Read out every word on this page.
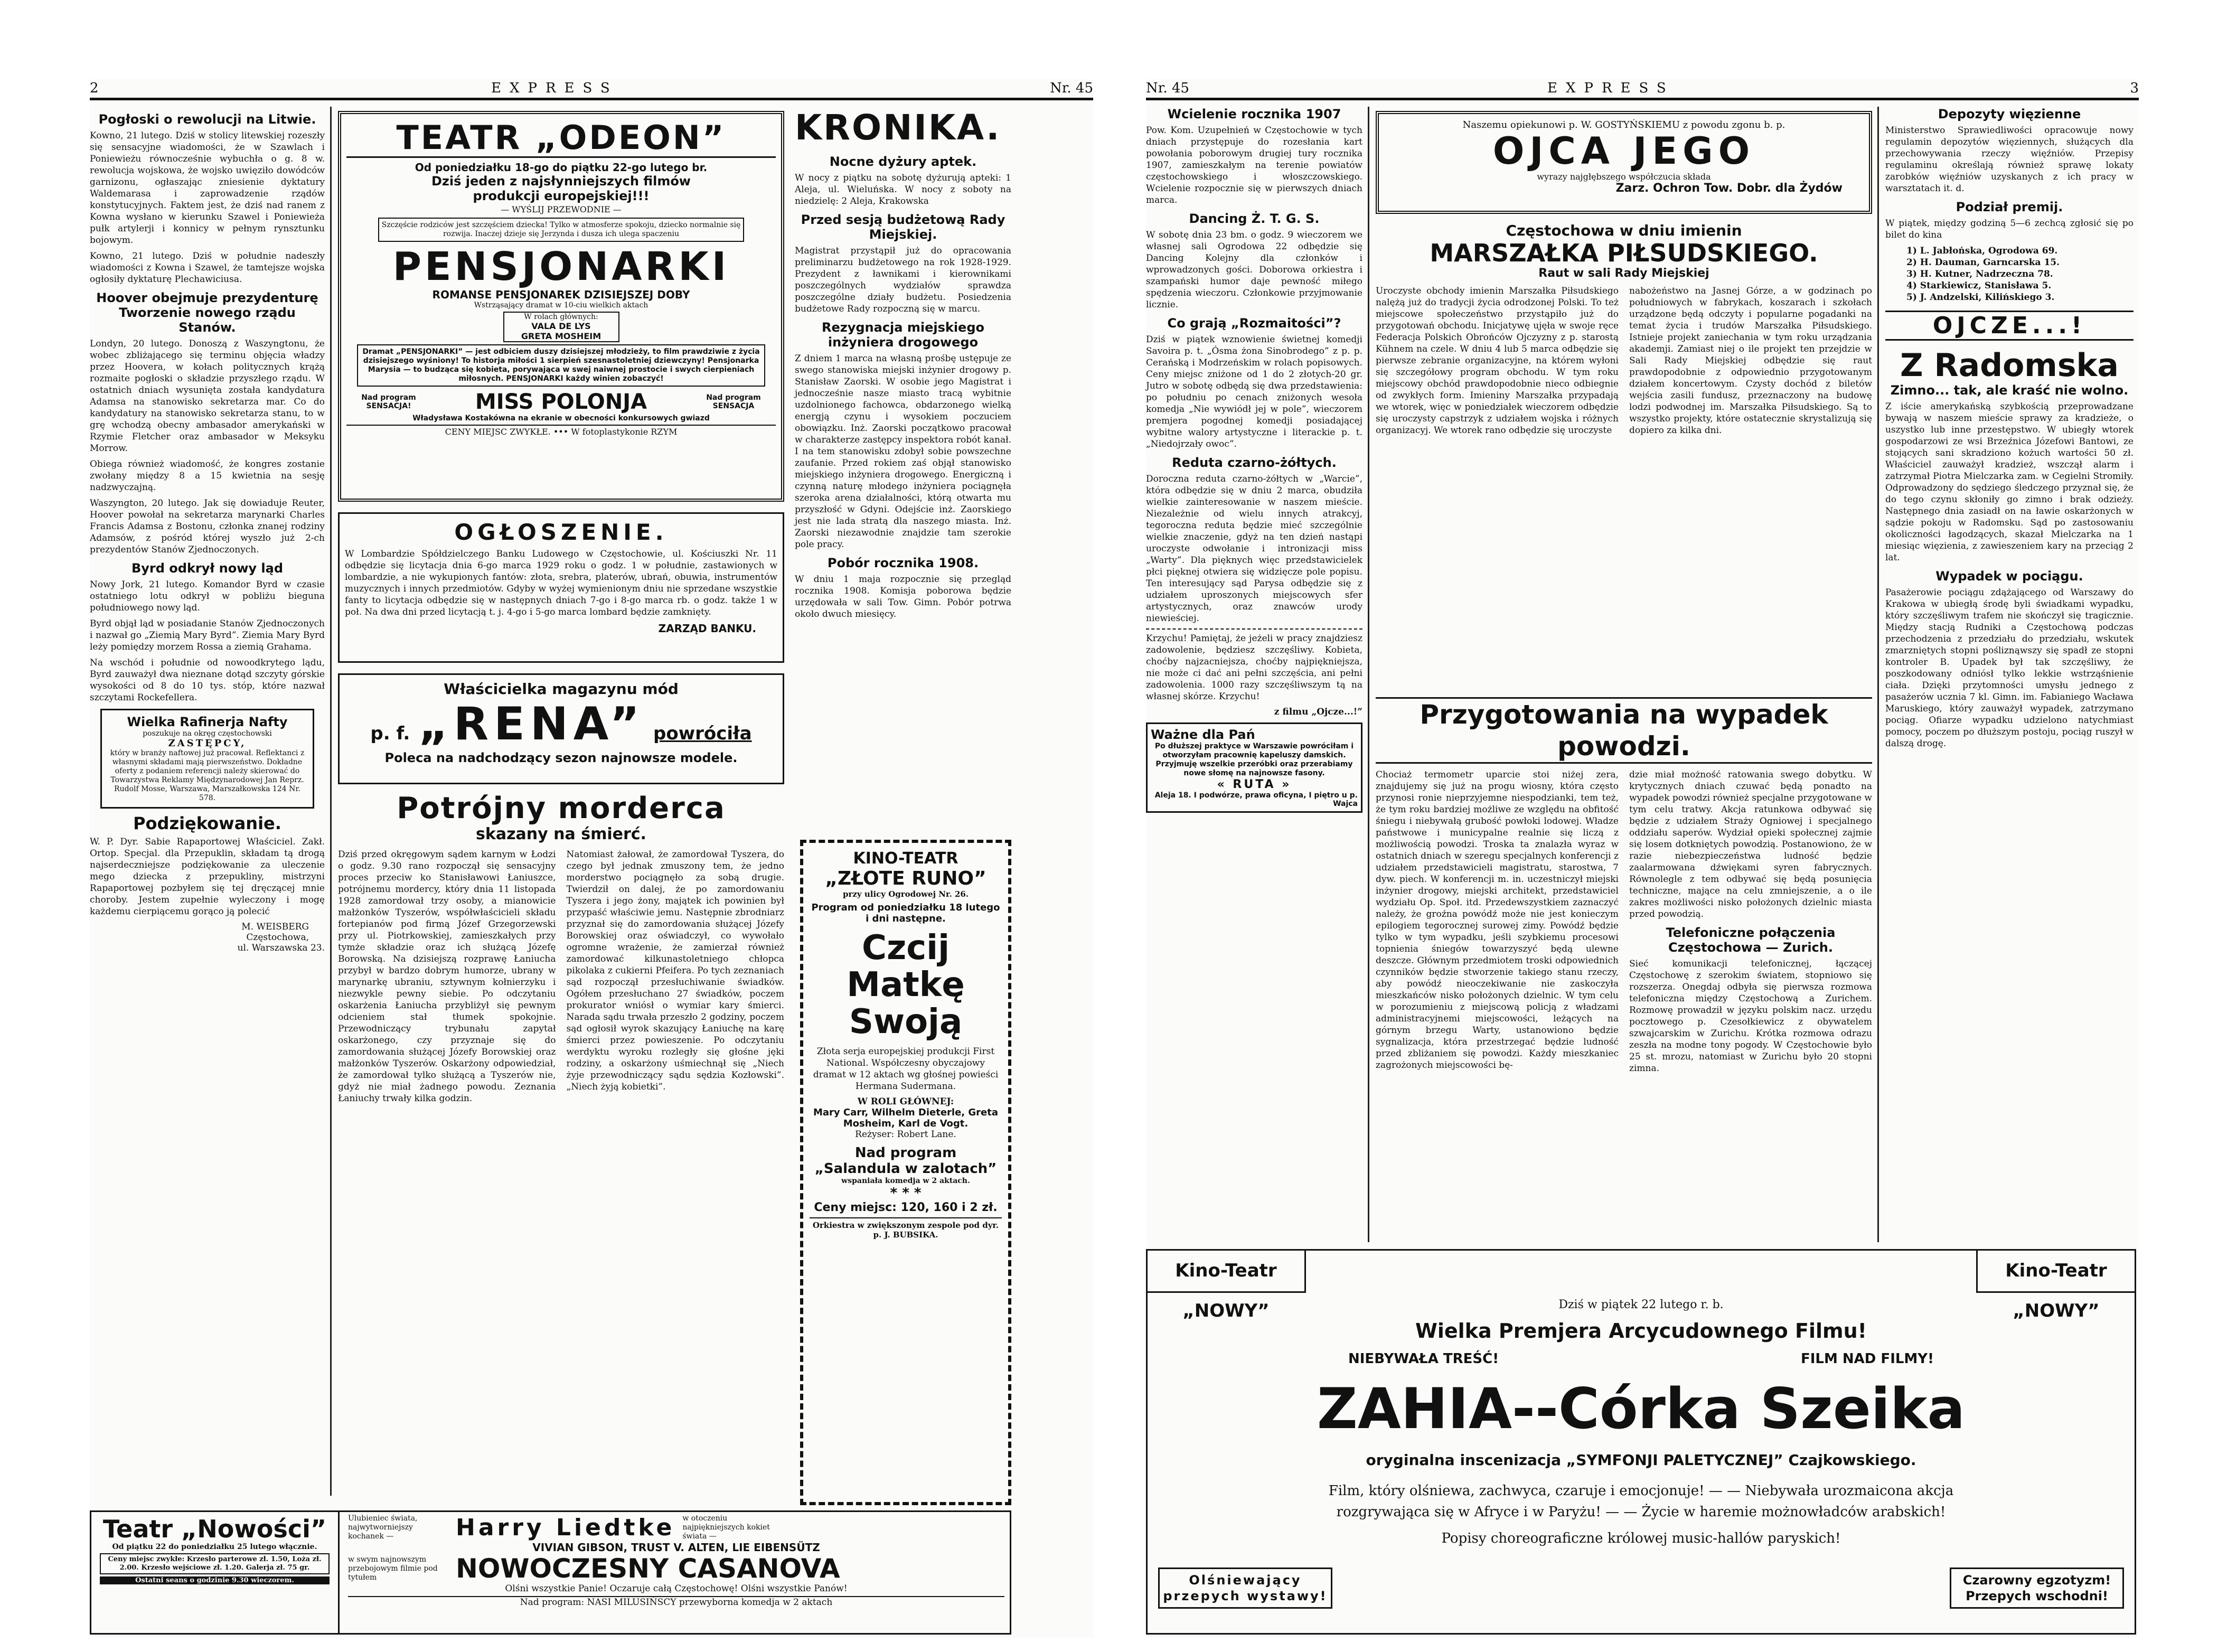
2	EXPRESS	Nr. 45
Pogłoski o rewolucji na Litwie.

Kowno, 21 lutego. Dziś w stolicy litewskiej rozeszły się sensacyjne wiadomości, że w Szawlach i Poniewieżu równocześnie wybuchła o g. 8 w. rewolucja wojskowa, że wojsko uwięziło dowódców garnizonu, ogłaszając zniesienie dyktatury Waldemarasa i zaprowadzenie rządów konstytucyjnych. Faktem jest, że dziś nad ranem z Kowna wysłano w kierunku Szawel i Poniewieża pułk artylerji i konnicy w pełnym rynsztunku bojowym.

Kowno, 21 lutego. Dziś w południe nadeszły wiadomości z Kowna i Szawel, że tamtejsze wojska ogłosiły dyktaturę Plechawiciusa.

Hoover obejmuje prezydenturę
Tworzenie nowego rządu Stanów.

Londyn, 20 lutego. Donoszą z Waszyngtonu, że wobec zbliżającego się terminu objęcia władzy przez Hoovera, w kołach politycznych krążą rozmaite pogłoski o składzie przyszłego rządu. W ostatnich dniach wysunięta została kandydatura Adamsa na stanowisko sekretarza mar. Co do kandydatury na stanowisko sekretarza stanu, to w grę wchodzą obecny ambasador amerykański w Rzymie Fletcher oraz ambasador w Meksyku Morrow.

Obiega również wiadomość, że kongres zostanie zwołany między 8 a 15 kwietnia na sesję nadzwyczajną.

Waszyngton, 20 lutego. Jak się dowiaduje Reuter, Hoover powołał na sekretarza marynarki Charles Francis Adamsa z Bostonu, członka znanej rodziny Adamsów, z pośród której wyszło już 2-ch prezydentów Stanów Zjednoczonych.

Byrd odkrył nowy ląd

Nowy Jork, 21 lutego. Komandor Byrd w czasie ostatniego lotu odkrył w pobliżu bieguna południowego nowy ląd.

Byrd objął ląd w posiadanie Stanów Zjednoczonych i nazwał go „Ziemią Mary Byrd”. Ziemia Mary Byrd leży pomiędzy morzem Rossa a ziemią Grahama.

Na wschód i południe od nowoodkrytego lądu, Byrd zauważył dwa nieznane dotąd szczyty górskie wysokości od 8 do 10 tys. stóp, które nazwał szczytami Rockefellera.

Wielka Rafinerja Nafty
poszukuje na okręg częstochowski
ZASTĘPCY,
który w branży naftowej już pracował. Reflektanci z własnymi składami mają pierwszeństwo. Dokładne oferty z podaniem referencji należy skierować do Towarzystwa Reklamy Międzynarodowej Jan Reprz. Rudolf Mosse, Warszawa, Marszałkowska 124 Nr. 578.
Podziękowanie.

W. P. Dyr. Sabie Rapaportowej Właściciel. Zakł. Ortop. Specjal. dla Przepuklin, składam tą drogą najserdeczniejsze podziękowanie za uleczenie mego dziecka z przepukliny, mistrzyni Rapaportowej pozbyłem się tej dręczącej mnie choroby. Jestem zupełnie wyleczony i mogę każdemu cierpiącemu gorąco ją polecić

M. WEISBERG
Częstochowa,
ul. Warszawska 23.
TEATR „ODEON”
Od poniedziałku 18-go do piątku 22-go lutego br.
Dziś jeden z najsłynniejszych filmów
produkcji europejskiej!!!
— WYŚLIJ PRZEWODNIE —
Szczęście rodziców jest szczęściem dziecka! Tylko w atmosferze spokoju, dziecko normalnie się rozwija. Inaczej dzieje się Jerzynda i dusza ich ulega spaczeniu
PENSJONARKI
ROMANSE PENSJONAREK DZISIEJSZEJ DOBY
Wstrząsający dramat w 10-ciu wielkich aktach
W rolach głównych:
VALA DE LYS
GRETA MOSHEIM
Dramat „PENSJONARKI” — jest odbiciem duszy dzisiejszej młodzieży, to film prawdziwie z życia dzisiejszego wyśniony! To historja miłości 1 sierpień szesnastoletniej dziewczyny! Pensjonarka Marysia — to budząca się kobieta, porywająca w swej naiwnej prostocie i swych cierpieniach miłosnych. PENSJONARKI każdy winien zobaczyć!
Nad program SENSACJA!	MISS POLONJA	Nad program SENSACJA
Władysława Kostakówna na ekranie w obecności konkursowych gwiazd
CENY MIEJSC ZWYKŁE. ••• W fotoplastykonie RZYM
KRONIKA.
Nocne dyżury aptek.

W nocy z piątku na sobotę dyżurują apteki: 1 Aleja, ul. Wieluńska. W nocy z soboty na niedzielę: 2 Aleja, Krakowska

Przed sesją budżetową Rady Miejskiej.

Magistrat przystąpił już do opracowania preliminarzu budżetowego na rok 1928-1929. Prezydent z ławnikami i kierownikami poszczególnych wydziałów sprawdza poszczególne działy budżetu. Posiedzenia budżetowe Rady rozpoczną się w marcu.

Rezygnacja miejskiego inżyniera drogowego

Z dniem 1 marca na własną prośbę ustępuje ze swego stanowiska miejski inżynier drogowy p. Stanisław Zaorski. W osobie jego Magistrat i jednocześnie nasze miasto tracą wybitnie uzdolnionego fachowca, obdarzonego wielką energją czynu i wysokiem poczuciem obowiązku. Inż. Zaorski początkowo pracował w charakterze zastępcy inspektora robót kanał. I na tem stanowisku zdobył sobie powszechne zaufanie. Przed rokiem zaś objął stanowisko miejskiego inżyniera drogowego. Energiczną i czynną naturę młodego inżyniera pociągnęła szeroka arena działalności, którą otwarta mu przyszłość w Gdyni. Odejście inż. Zaorskiego jest nie lada stratą dla naszego miasta. Inż. Zaorski niezawodnie znajdzie tam szerokie pole pracy.

Pobór rocznika 1908.

W dniu 1 maja rozpocznie się przegląd rocznika 1908. Komisja poborowa będzie urzędowała w sali Tow. Gimn. Pobór potrwa około dwuch miesięcy.

OGŁOSZENIE.

W Lombardzie Spółdzielczego Banku Ludowego w Częstochowie, ul. Kościuszki Nr. 11 odbędzie się licytacja dnia 6-go marca 1929 roku o godz. 1 w południe, zastawionych w lombardzie, a nie wykupionych fantów: złota, srebra, platerów, ubrań, obuwia, instrumentów muzycznych i innych przedmiotów. Gdyby w wyżej wymienionym dniu nie sprzedane wszystkie fanty to licytacja odbędzie się w następnych dniach 7-go i 8-go marca rb. o godz. także 1 w poł. Na dwa dni przed licytacją t. j. 4-go i 5-go marca lombard będzie zamknięty.

ZARZĄD BANKU.
Właścicielka magazynu mód
p. f. „RENA” powróciła
Poleca na nadchodzący sezon najnowsze modele.
Potrójny morderca
skazany na śmierć.

Dziś przed okręgowym sądem karnym w Łodzi o godz. 9.30 rano rozpoczął się sensacyjny proces przeciw ko Stanisławowi Łaniuszce, potrójnemu mordercy, który dnia 11 listopada 1928 zamordował trzy osoby, a mianowicie małżonków Tyszerów, współwłaścicieli składu fortepianów pod firmą Józef Grzegorzewski przy ul. Piotrkowskiej, zamieszkałych przy tymże składzie oraz ich służącą Józefę Borowską. Na dzisiejszą rozprawę Łaniucha przybył w bardzo dobrym humorze, ubrany w marynarkę ubraniu, sztywnym kołnierzyku i niezwykle pewny siebie. Po odczytaniu oskarżenia Łaniucha przybliżył się pewnym odcieniem stał tłumek spokojnie. Przewodniczący trybunału zapytał oskarżonego, czy przyznaje się do zamordowania służącej Józefy Borowskiej oraz małżonków Tyszerów. Oskarżony odpowiedział, że zamordował tylko służącą a Tyszerów nie, gdyż nie miał żadnego powodu. Zeznania Łaniuchy trwały kilka godzin.

Natomiast żałował, że zamordował Tyszera, do czego był jednak zmuszony tem, że jedno morderstwo pociągnęło za sobą drugie. Twierdził on dalej, że po zamordowaniu Tyszera i jego żony, majątek ich powinien był przypaść właściwie jemu. Następnie zbrodniarz przyznał się do zamordowania służącej Józefy Borowskiej oraz oświadczył, co wywołało ogromne wrażenie, że zamierzał również zamordować kilkunastoletniego chłopca pikolaka z cukierni Pfeifera. Po tych zeznaniach sąd rozpoczął przesłuchiwanie świadków. Ogółem przesłuchano 27 świadków, poczem prokurator wniósł o wymiar kary śmierci. Narada sądu trwała przeszło 2 godziny, poczem sąd ogłosił wyrok skazujący Łaniuchę na karę śmierci przez powieszenie. Po odczytaniu werdyktu wyroku rozległy się głośne jęki rodziny, a oskarżony uśmiechnął się „Niech żyje przewodniczący sądu sędzia Kozłowski”. „Niech żyją kobietki”.

KINO-TEATR
„ZŁOTE RUNO”
przy ulicy Ogrodowej Nr. 26.
Program od poniedziałku 18 lutego i dni następne.
Czcij
Matkę
Swoją

Złota serja europejskiej produkcji First National. Współczesny obyczajowy dramat w 12 aktach wg głośnej powieści Hermana Sudermana.

W ROLI GŁÓWNEJ:
Mary Carr, Wilhelm Dieterle, Greta Mosheim, Karl de Vogt.
Reżyser: Robert Lane.
Nad program
„Salandula w zalotach”
wspaniała komedja w 2 aktach.
* * *
Ceny miejsc: 120, 160 i 2 zł.
Orkiestra w zwiększonym zespole pod dyr. p. J. BUBSIKA.
Teatr „Nowości”
Od piątku 22 do poniedziałku 25 lutego włącznie.
Ceny miejsc zwykłe: Krzesło parterowe zł. 1.50, Loża zł. 2.00. Krzesło wejściowe zł. 1.20. Galerja zł. 75 gr.
Ostatni seans o godzinie 9.30 wieczorem.
Ulubieniec świata, najwytworniejszy kochanek —	Harry Liedtke w otoczeniu najpiękniejszych kokiet świata —
VIVIAN GIBSON, TRUST V. ALTEN, LIE EIBENSÜTZ
w swym najnowszym przebojowym filmie pod tytułem	NOWOCZESNY CASANOVA
Olśni wszystkie Panie! Oczaruje całą Częstochowę! Olśni wszystkie Panów!
Nad program: NASI MILUSIŃSCY przewyborna komedja w 2 aktach
Nr. 45	EXPRESS	3
Wcielenie rocznika 1907

Pow. Kom. Uzupełnień w Częstochowie w tych dniach przystępuje do rozesłania kart powołania poborowym drugiej tury rocznika 1907, zamieszkałym na terenie powiatów częstochowskiego i włoszczowskiego. Wcielenie rozpocznie się w pierwszych dniach marca.

Dancing Ż. T. G. S.

W sobotę dnia 23 bm. o godz. 9 wieczorem we własnej sali Ogrodowa 22 odbędzie się Dancing Kolejny dla członków i wprowadzonych gości. Doborowa orkiestra i szampański humor daje pewność miłego spędzenia wieczoru. Członkowie przyjmowanie licznie.

Co grają „Rozmaitości”?

Dziś w piątek wznowienie świetnej komedji Savoira p. t. „Ósma żona Sinobrodego” z p. p. Cerańską i Modrzeńskim w rolach popisowych. Ceny miejsc zniżone od 1 do 2 złotych-20 gr. Jutro w sobotę odbędą się dwa przedstawienia: po południu po cenach zniżonych wesoła komedja „Nie wywiódł jej w pole”, wieczorem premjera pogodnej komedji posiadającej wybitne walory artystyczne i literackie p. t. „Niedojrzały owoc”.

Reduta czarno-żółtych.

Doroczna reduta czarno-żółtych w „Warcie”, która odbędzie się w dniu 2 marca, obudziła wielkie zainteresowanie w naszem mieście. Niezależnie od wielu innych atrakcyj, tegoroczna reduta będzie mieć szczególnie wielkie znaczenie, gdyż na ten dzień nastąpi uroczyste odwołanie i intronizacji miss „Warty”. Dla pięknych więc przedstawicielek płci pięknej otwiera się widzięcze pole popisu. Ten interesujący sąd Parysa odbędzie się z udziałem uproszonych miejscowych sfer artystycznych, oraz znawców urody niewieściej.

Krzychu! Pamiętaj, że jeżeli w pracy znajdziesz zadowolenie, będziesz szczęśliwy. Kobieta, choćby najzacniejsza, choćby najpiękniejsza, nie może ci dać ani pełni szczęścia, ani pełni zadowolenia. 1000 razy szczęśliwszym tą na własnej skórze. Krzychu!

z filmu „Ojcze...!”
Ważne dla Pań
Po dłuższej praktyce w Warszawie powróciłam i otworzyłam pracownię kapeluszy damskich. Przyjmuję wszelkie przeróbki oraz przerabiamy nowe słomę na najnowsze fasony.
« RUTA »
Aleja 18. I podwórze, prawa oficyna, I piętro u p. Wajca
Naszemu opiekunowi p. W. GOSTYŃSKIEMU z powodu zgonu b. p.
OJCA JEGO
wyrazy najgłębszego współczucia składa
Zarz. Ochron Tow. Dobr. dla Żydów
Częstochowa w dniu imienin
MARSZAŁKA PIŁSUDSKIEGO.
Raut w sali Rady Miejskiej

Uroczyste obchody imienin Marszałka Piłsudskiego nalężą już do tradycji życia odrodzonej Polski. To też miejscowe społeczeństwo przystąpiło już do przygotowań obchodu. Inicjatywę ujęła w swoje ręce Federacja Polskich Obrońców Ojczyzny z p. starostą Kühnem na czele. W dniu 4 lub 5 marca odbędzie się pierwsze zebranie organizacyjne, na którem wyłoni się szczegółowy program obchodu. W tym roku miejscowy obchód prawdopodobnie nieco odbiegnie od zwykłych form. Imieniny Marszałka przypadają we wtorek, więc w poniedziałek wieczorem odbędzie się uroczysty capstrzyk z udziałem wojska i różnych organizacyj. We wtorek rano odbędzie się uroczyste

nabożeństwo na Jasnej Górze, a w godzinach po południowych w fabrykach, koszarach i szkołach urządzone będą odczyty i popularne pogadanki na temat życia i trudów Marszałka Piłsudskiego. Istnieje projekt zaniechania w tym roku urządzania akademji. Zamiast niej o ile projekt ten przejdzie w Sali Rady Miejskiej odbędzie się raut prawdopodobnie z odpowiednio przygotowanym działem koncertowym. Czysty dochód z biletów wejścia zasili fundusz, przeznaczony na budowę lodzi podwodnej im. Marszałka Piłsudskiego. Są to wszystko projekty, które ostatecznie skrystalizują się dopiero za kilka dni.

Przygotowania na wypadek powodzi.

Chociaż termometr uparcie stoi niżej zera, znajdujemy się już na progu wiosny, która często przynosi ronie nieprzyjemne niespodzianki, tem też, że tym roku bardziej możliwe ze względu na obfitość śniegu i niebywałą grubość powłoki lodowej. Władze państwowe i municypalne realnie się liczą z możliwością powodzi. Troska ta znalazła wyraz w ostatnich dniach w szeregu specjalnych konferencji z udziałem przedstawicieli magistratu, starostwa, 7 dyw. piech. W konferencji m. in. uczestniczył miejski inżynier drogowy, miejski architekt, przedstawiciel wydziału Op. Społ. itd. Przedewszystkiem zaznaczyć należy, że groźna powódź może nie jest konieczym epilogiem tegorocznej surowej zimy. Powódź będzie tylko w tym wypadku, jeśli szybkiemu procesowi topnienia śniegów towarzyszyć będą ulewne deszcze. Głównym przedmiotem troski odpowiednich czynników będzie stworzenie takiego stanu rzeczy, aby powódź nieoczekiwanie nie zaskoczyła mieszkańców nisko położonych dzielnic. W tym celu w porozumieniu z miejscową policją z władzami administracyjnemi miejscowości, leżących na górnym brzegu Warty, ustanowiono będzie sygnalizacja, która przestrzegać będzie ludność przed zbliżaniem się powodzi. Każdy mieszkaniec zagrożonych miejscowości bę-

dzie miał możność ratowania swego dobytku. W krytycznych dniach czuwać będą ponadto na wypadek powodzi również specjalne przygotowane w tym celu tratwy. Akcja ratunkowa odbywać się będzie z udziałem Straży Ogniowej i specjalnego oddziału saperów. Wydział opieki społecznej zajmie się losem dotkniętych powodzią. Postanowiono, że w razie niebezpieczeństwa ludność będzie zaalarmowana dźwiękami syren fabrycznych. Równolegle z tem odbywać się będą posunięcia techniczne, mające na celu zmniejszenie, a o ile zakres możliwości nisko położonych dzielnic miasta przed powodzią.

Telefoniczne połączenia
Częstochowa — Zurich.

Sieć komunikacji telefonicznej, łączącej Częstochowę z szerokim światem, stopniowo się rozszerza. Onegdaj odbyła się pierwsza rozmowa telefoniczna między Częstochową a Zurichem. Rozmowę prowadził w języku polskim nacz. urzędu pocztowego p. Czesołkiewicz z obywatelem szwajcarskim w Zurichu. Krótka rozmowa odrazu zeszła na modne tony pogody. W Częstochowie było 25 st. mrozu, natomiast w Zurichu było 20 stopni zimna.

Depozyty więzienne

Ministerstwo Sprawiedliwości opracowuje nowy regulamin depozytów więziennych, służących dla przechowywania rzeczy więźniów. Przepisy regulaminu określają również sprawę lokaty zarobków więźniów uzyskanych z ich pracy w warsztatach it. d.

Podział premij.

W piątek, między godziną 5—6 zechcą zgłosić się po bilet do kina

1) L. Jabłońska, Ogrodowa 69.
2) H. Dauman, Garncarska 15.
3) H. Kutner, Nadrzeczna 78.
4) Starkiewicz, Stanisława 5.
5) J. Andzelski, Kilińskiego 3.
OJCZE...!
Z Radomska
Zimno... tak, ale kraść nie wolno.

Z iście amerykańską szybkością przeprowadzane bywają w naszem mieście sprawy za kradzieże, o uszystko lub inne przestępstwo. W ubiegły wtorek gospodarzowi ze wsi Brzeźnica Józefowi Bantowi, ze stojących sani skradziono kożuch wartości 50 zł. Właściciel zauważył kradzież, wszczął alarm i zatrzymał Piotra Mielczarka zam. w Cegielni Stromiły. Odprowadzony do sędziego śledczego przyznał się, że do tego czynu skłoniły go zimno i brak odzieży. Następnego dnia zasiadł on na ławie oskarżonych w sądzie pokoju w Radomsku. Sąd po zastosowaniu okoliczności łagodzących, skazał Mielczarka na 1 miesiąc więzienia, z zawieszeniem kary na przeciąg 2 lat.

Wypadek w pociągu.

Pasażerowie pociągu zdążającego od Warszawy do Krakowa w ubiegłą środę byli świadkami wypadku, który szczęśliwym trafem nie skończył się tragicznie. Między stacją Rudniki a Częstochową podczas przechodzenia z przedziału do przedziału, wskutek zmarzniętych stopni pośliznąwszy się spadł ze stopni kontroler B. Upadek był tak szczęśliwy, że poszkodowany odniósł tylko lekkie wstrząśnienie ciała. Dzięki przytomności umysłu jednego z pasażerów ucznia 7 kl. Gimn. im. Fabianiego Wacława Maruskiego, który zauważył wypadek, zatrzymano pociąg. Ofiarze wypadku udzielono natychmiast pomocy, poczem po dłuższym postoju, pociąg ruszył w dalszą drogę.

Kino-Teatr „NOWY”
Kino-Teatr „NOWY”
Dziś w piątek 22 lutego r. b.
Wielka Premjera Arcycudownego Filmu!
NIEBYWAŁA TREŚĆ!	FILM NAD FILMY!
ZAHIA--Córka Szeika
oryginalna inscenizacja „SYMFONJI PALETYCZNEJ” Czajkowskiego.
Film, który olśniewa, zachwyca, czaruje i emocjonuje! — — Niebywała urozmaicona akcja
rozgrywająca się w Afryce i w Paryżu! — — Życie w haremie możnowładców arabskich!
Popisy choreograficzne królowej music-hallów paryskich!
Olśniewający przepych wystawy!
Czarowny egzotyzm! Przepych wschodni!
